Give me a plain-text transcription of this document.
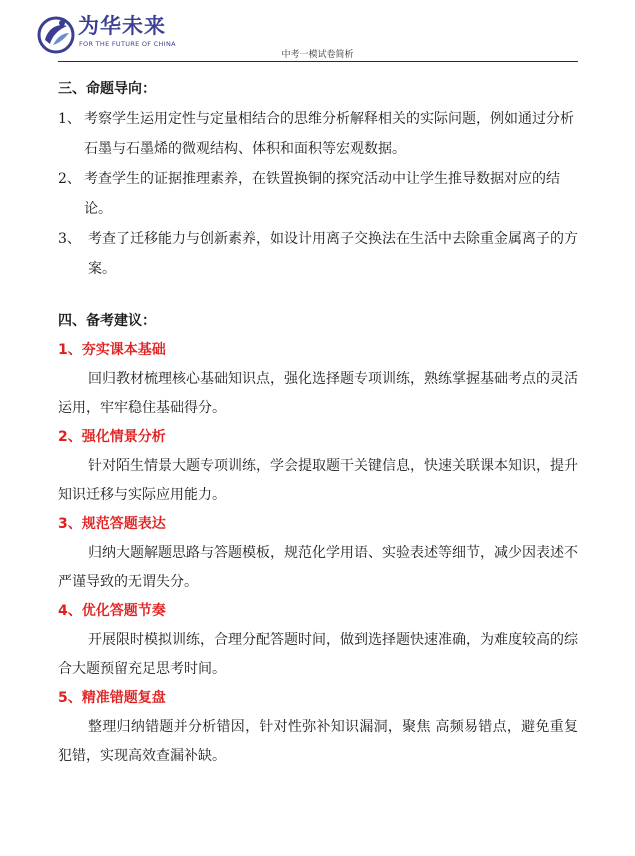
为华未来
FOR THE FUTURE OF CHINA
中考一模试卷简析

三、命题导向：

1、 考察学生运用定性与定量相结合的思维分析解释相关的实际问题，例如通过分析石墨与石墨烯的微观结构、体积和面积等宏观数据。
2、 考查学生的证据推理素养，在铁置换铜的探究活动中让学生推导数据对应的结论。
3、 考查了迁移能力与创新素养，如设计用离子交换法在生活中去除重金属离子的方案。

四、备考建议：

1、夯实课本基础

回归教材梳理核心基础知识点，强化选择题专项训练，熟练掌握基础考点的灵活运用，牢牢稳住基础得分。

2、强化情景分析

针对陌生情景大题专项训练，学会提取题干关键信息，快速关联课本知识，提升知识迁移与实际应用能力。

3、规范答题表达

归纳大题解题思路与答题模板，规范化学用语、实验表述等细节，减少因表述不严谨导致的无谓失分。

4、优化答题节奏

开展限时模拟训练，合理分配答题时间，做到选择题快速准确，为难度较高的综合大题预留充足思考时间。

5、精准错题复盘

整理归纳错题并分析错因，针对性弥补知识漏洞，聚焦 高频易错点，避免重复犯错，实现高效查漏补缺。
